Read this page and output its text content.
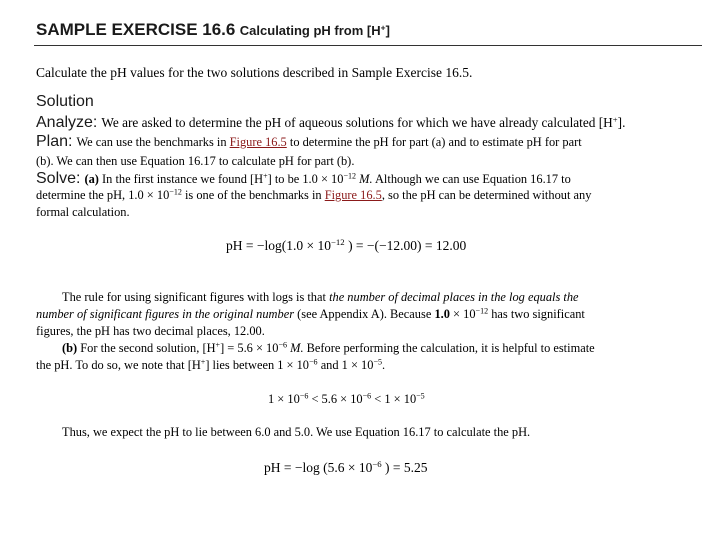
SAMPLE EXERCISE 16.6 Calculating pH from [H+]
Calculate the pH values for the two solutions described in Sample Exercise 16.5.
Solution
Analyze: We are asked to determine the pH of aqueous solutions for which we have already calculated [H+].
Plan: We can use the benchmarks in Figure 16.5 to determine the pH for part (a) and to estimate pH for part
(b). We can then use Equation 16.17 to calculate pH for part (b).
Solve: (a) In the first instance we found [H+] to be $1.0 \times 10^{-12}$ M. Although we can use Equation 16.17 to
determine the pH, $1.0 \times 10^{-12}$ is one of the benchmarks in Figure 16.5, so the pH can be determined without any
formal calculation.
pH = $-\log(1.0 \times 10^{-12}$ ) = −(−12.00) = 12.00
The rule for using significant figures with logs is that the number of decimal places in the log equals the
number of significant figures in the original number (see Appendix A). Because $1.0 \times 10^{-12}$ has two significant
figures, the pH has two decimal places, 12.00.
(b) For the second solution, $[H^+] = 5.6 \times 10^{-6}$ M. Before performing the calculation, it is helpful to estimate
the pH. To do so, we note that [H+] lies between $1 \times 10^{-6}$ and $1 \times 10^{-5}$.
$1 \times 10^{-6} < 5.6 \times 10^{-6} < 1 \times 10^{-5}$
Thus, we expect the pH to lie between 6.0 and 5.0. We use Equation 16.17 to calculate the pH.
pH = −log ($5.6 \times 10^{-6}$ ) = 5.25
